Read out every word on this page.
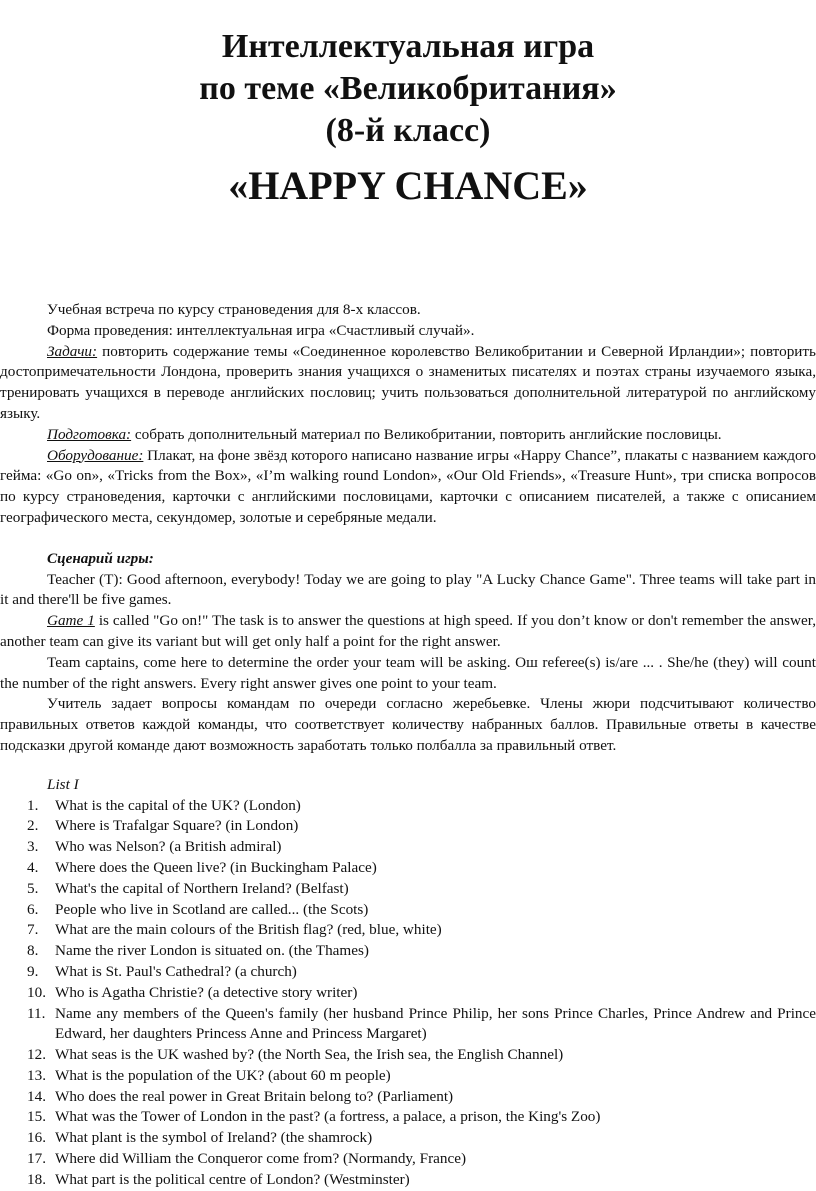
Интеллектуальная игра
по теме «Великобритания»
(8-й класс)
«HAPPY CHANCE»

Учебная встреча по курсу страноведения для 8-х классов.

Форма проведения: интеллектуальная игра «Счастливый случай».

Задачи: повторить содержание темы «Соединенное королевство Великобритании и Северной Ирландии»; повторить достопримечательности Лондона, проверить знания учащихся о знаменитых писателях и поэтах страны изучаемого языка, тренировать учащихся в переводе английских пословиц; учить пользоваться дополнительной литературой по английскому языку.

Подготовка: собрать дополнительный материал по Великобритании, повторить английские пословицы.

Оборудование: Плакат, на фоне звёзд которого написано название игры «Happy Chance”, плакаты с названием каждого гейма: «Go on», «Tricks from the Box», «I’m walking round London», «Our Old Friends», «Treasure Hunt», три списка вопросов по курсу страноведения, карточки с английскими пословицами, карточки с описанием писателей, а также с описанием географического места, секундомер, золотые и серебряные медали.

Сценарий игры:

Teacher (T): Good afternoon, everybody! Today we are going to play "A Lucky Chance Game". Three teams will take part in it and there'll be five games.

Game 1 is called "Go on!" The task is to answer the questions at high speed. If you don’t know or don't remember the answer, another team can give its variant but will get only half a point for the right answer.

Team captains, come here to determine the order your team will be asking. Ош referee(s) is/are ... . She/he (they) will count the number of the right answers. Every right answer gives one point to your team.

Учитель задает вопросы командам по очереди согласно жеребьевке. Члены жюри подсчитывают количество правильных ответов каждой команды, что соответствует количеству набранных баллов. Правильные ответы в качестве подсказки другой команде дают возможность заработать только полбалла за правильный ответ.

List I

1.	What is the capital of the UK? (London)
2.	Where is Trafalgar Square? (in London)
3.	Who was Nelson? (a British admiral)
4.	Where does the Queen live? (in Buckingham Palace)
5.	What's the capital of Northern Ireland? (Belfast)
6.	People who live in Scotland are called... (the Scots)
7.	What are the main colours of the British flag? (red, blue, white)
8.	Name the river London is situated on. (the Thames)
9.	What is St. Paul's Cathedral? (a church)
10. Who is Agatha Christie? (a detective story writer)
11. Name any members of the Queen's family (her husband Prince Philip, her sons Prince Charles, Prince Andrew and Prince Edward, her daughters Princess Anne and Princess Margaret)
12. What seas is the UK washed by? (the North Sea, the Irish sea, the English Channel)
13. What is the population of the UK? (about 60 m people)
14. Who does the real power in Great Britain belong to? (Parliament)
15. What was the Tower of London in the past? (a fortress, a palace, a prison, the King's Zoo)
16. What plant is the symbol of Ireland? (the shamrock)
17. Where did William the Conqueror come from? (Normandy, France)
18. What part is the political centre of London? (Westminster)
